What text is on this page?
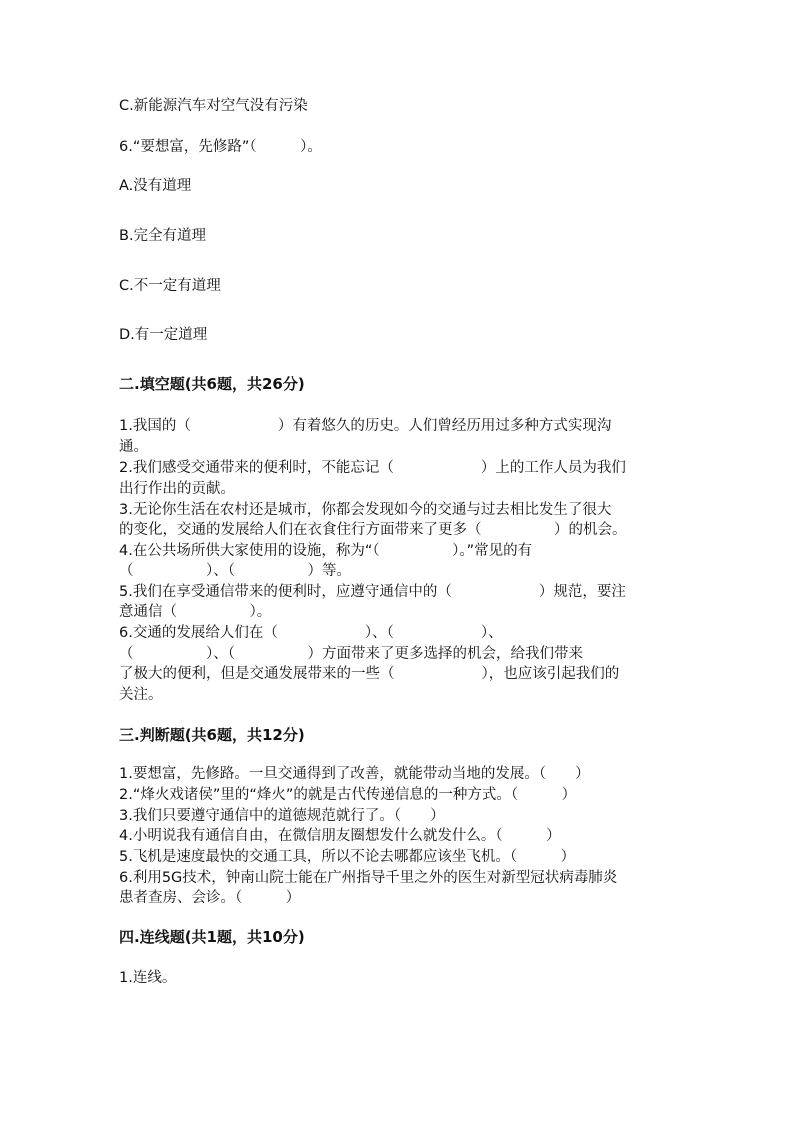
C.新能源汽车对空气没有污染
6.“要想富，先修路”（　　　）。
A.没有道理
B.完全有道理
C.不一定有道理
D.有一定道理
二.填空题(共6题，共26分)
1.我国的（　　　　　　）有着悠久的历史。人们曾经历用过多种方式实现沟
通。
2.我们感受交通带来的便利时，不能忘记（　　　　　　）上的工作人员为我们
出行作出的贡献。
3.无论你生活在农村还是城市，你都会发现如今的交通与过去相比发生了很大
的变化，交通的发展给人们在衣食住行方面带来了更多（　　　　　）的机会。
4.在公共场所供大家使用的设施，称为“（　　　　　）。”常见的有
（　　　　　）、（　　　　　）等。
5.我们在享受通信带来的便利时，应遵守通信中的（　　　　　　）规范，要注
意通信（　　　　　）。
6.交通的发展给人们在（　　　　　　）、（　　　　　　）、
（　　　　　）、（　　　　　）方面带来了更多选择的机会，给我们带来
了极大的便利，但是交通发展带来的一些（　　　　　　），也应该引起我们的
关注。
三.判断题(共6题，共12分)
1.要想富，先修路。一旦交通得到了改善，就能带动当地的发展。（　　）
2.“烽火戏诸侯”里的“烽火”的就是古代传递信息的一种方式。（　　　）
3.我们只要遵守通信中的道德规范就行了。（　　）
4.小明说我有通信自由，在微信朋友圈想发什么就发什么。（　　　）
5.飞机是速度最快的交通工具，所以不论去哪都应该坐飞机。（　　　）
6.利用5G技术，钟南山院士能在广州指导千里之外的医生对新型冠状病毒肺炎
患者查房、会诊。（　　　）
四.连线题(共1题，共10分)
1.连线。
